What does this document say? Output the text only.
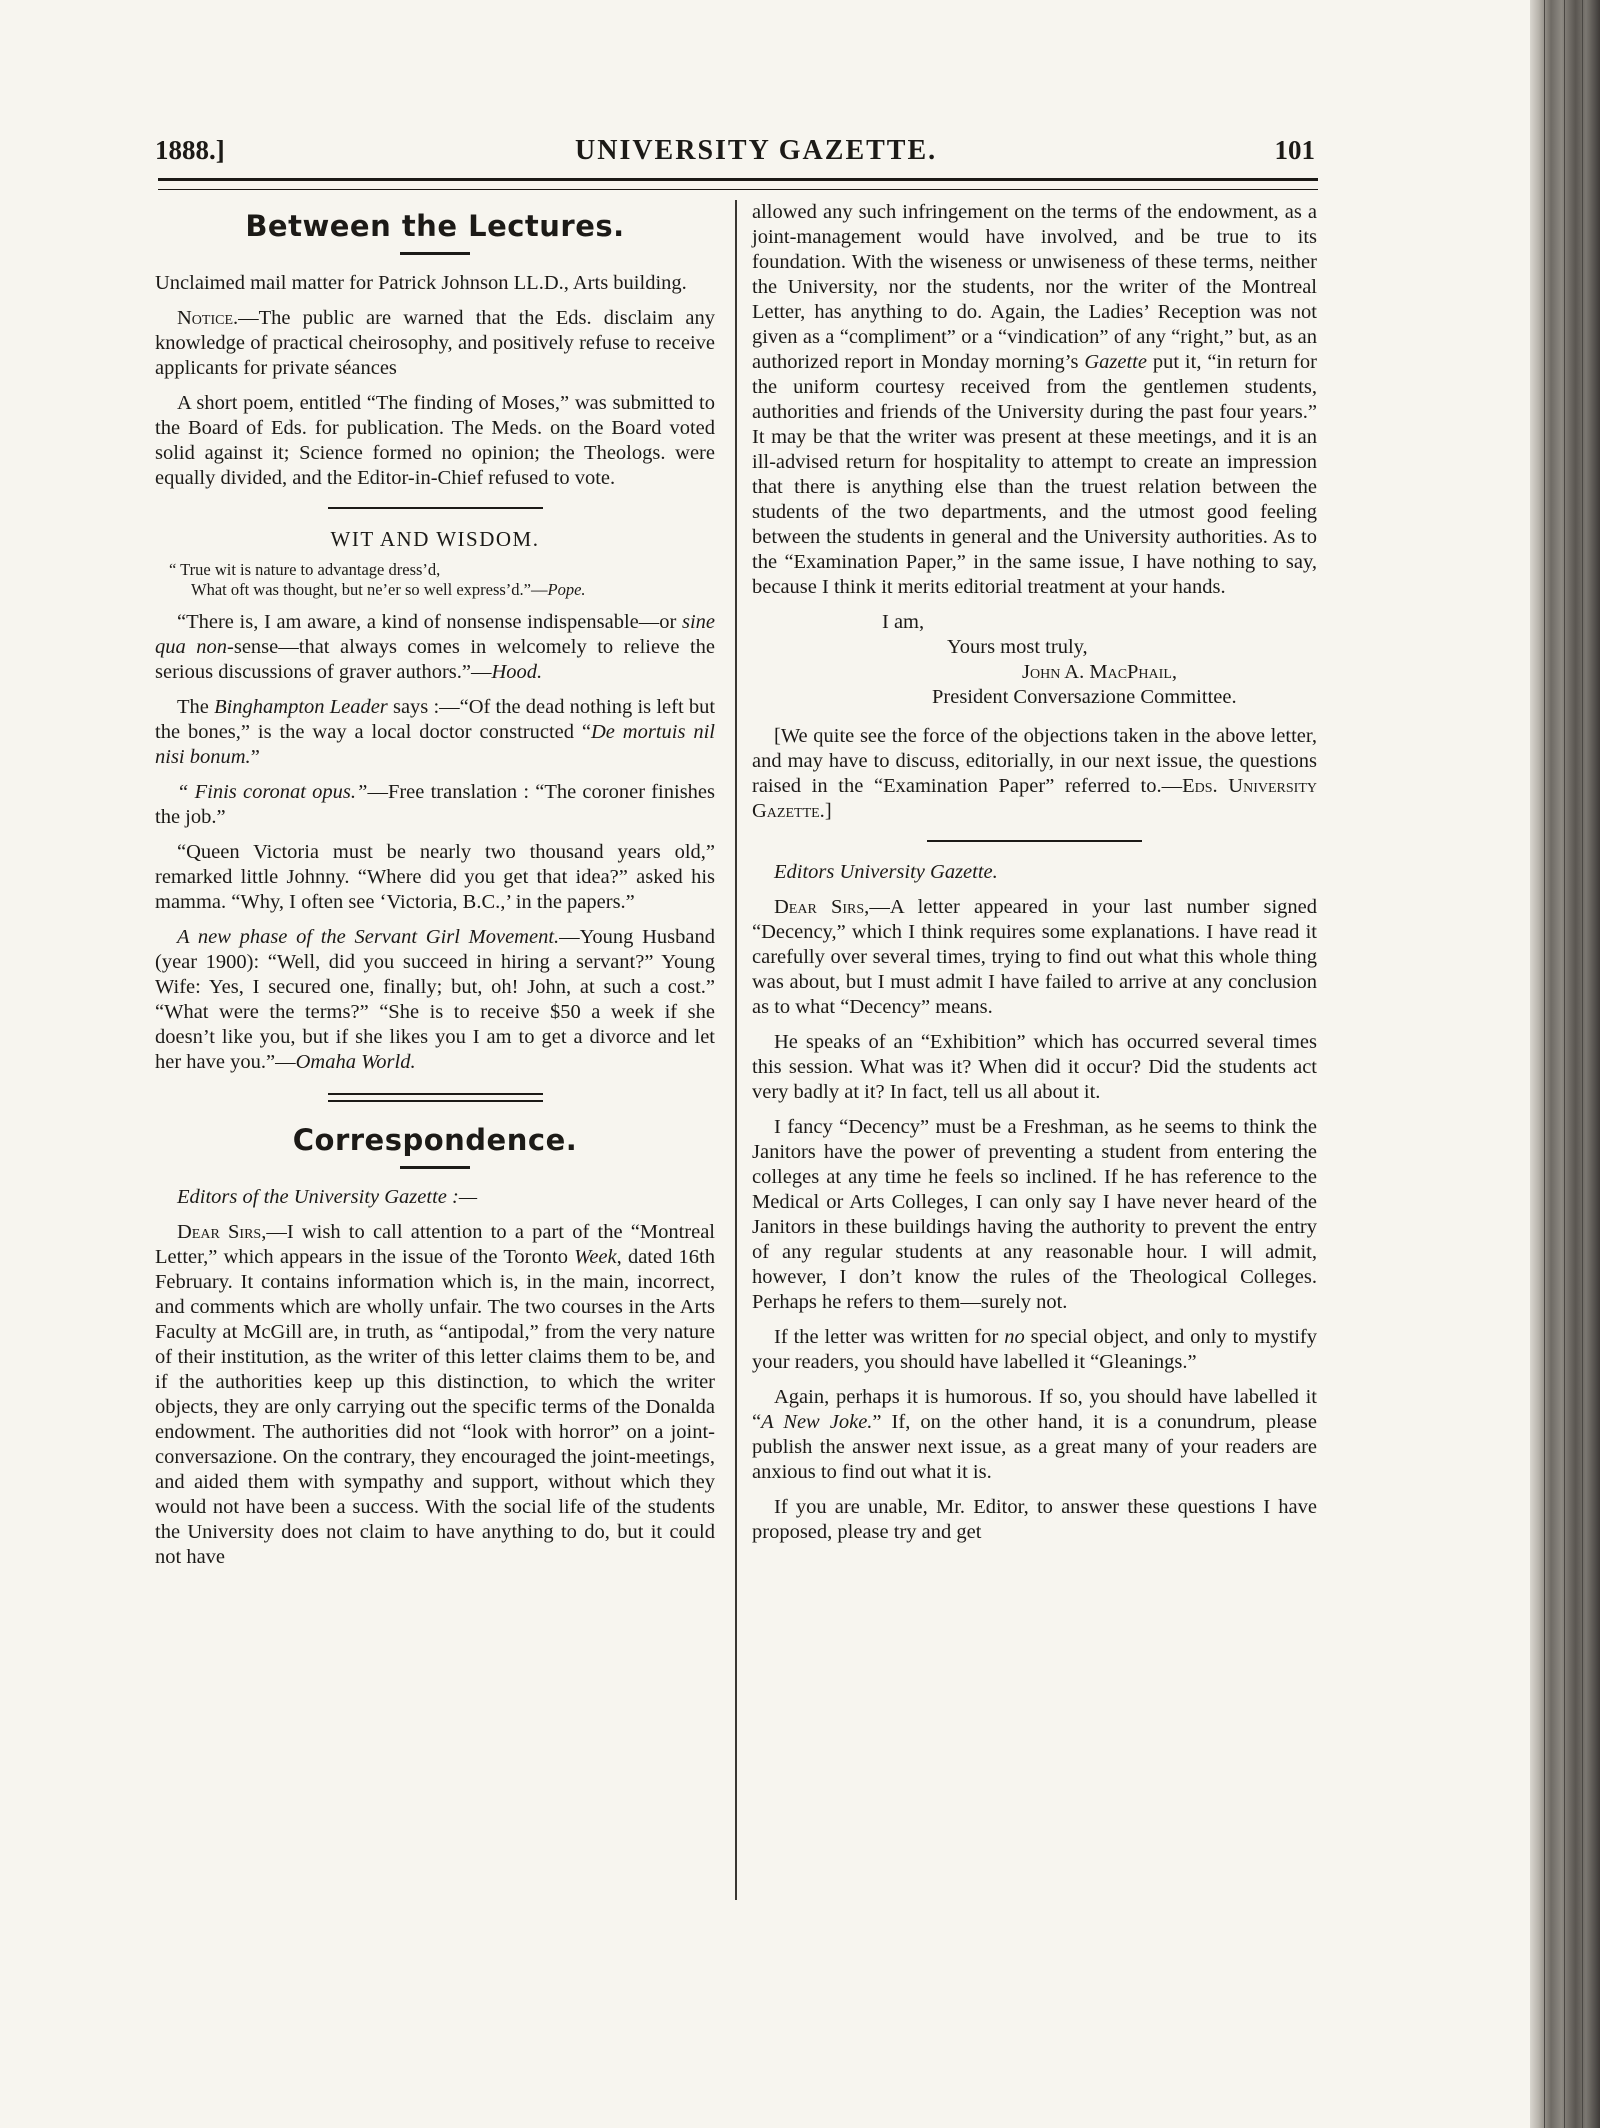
1888.]	UNIVERSITY GAZETTE.	101
Between the Lectures.

Unclaimed mail matter for Patrick Johnson LL.D., Arts building.

Notice.—The public are warned that the Eds. disclaim any knowledge of practical cheirosophy, and positively refuse to receive applicants for private séances

A short poem, entitled “The finding of Moses,” was submitted to the Board of Eds. for publication. The Meds. on the Board voted solid against it; Science formed no opinion; the Theologs. were equally divided, and the Editor-in-Chief refused to vote.

WIT AND WISDOM.
“ True wit is nature to advantage dress’d,
What oft was thought, but ne’er so well express’d.”—Pope.

“There is, I am aware, a kind of nonsense indispensable—or sine qua non-sense—that always comes in welcomely to relieve the serious discussions of graver authors.”—Hood.

The Binghampton Leader says :—“Of the dead nothing is left but the bones,” is the way a local doctor constructed “De mortuis nil nisi bonum.”

“ Finis coronat opus.”—Free translation : “The coroner finishes the job.”

“Queen Victoria must be nearly two thousand years old,” remarked little Johnny. “Where did you get that idea?” asked his mamma. “Why, I often see ‘Victoria, B.C.,’ in the papers.”

A new phase of the Servant Girl Movement.—Young Husband (year 1900): “Well, did you succeed in hiring a servant?” Young Wife: Yes, I secured one, finally; but, oh! John, at such a cost.” “What were the terms?” “She is to receive $50 a week if she doesn’t like you, but if she likes you I am to get a divorce and let her have you.”—Omaha World.

Correspondence.

Editors of the University Gazette :—

Dear Sirs,—I wish to call attention to a part of the “Montreal Letter,” which appears in the issue of the Toronto Week, dated 16th February. It contains information which is, in the main, incorrect, and comments which are wholly unfair. The two courses in the Arts Faculty at McGill are, in truth, as “antipodal,” from the very nature of their institution, as the writer of this letter claims them to be, and if the authorities keep up this distinction, to which the writer objects, they are only carrying out the specific terms of the Donalda endowment. The authorities did not “look with horror” on a joint-conversazione. On the contrary, they encouraged the joint-meetings, and aided them with sympathy and support, without which they would not have been a success. With the social life of the students the University does not claim to have anything to do, but it could not have

allowed any such infringement on the terms of the endowment, as a joint-management would have involved, and be true to its foundation. With the wiseness or unwiseness of these terms, neither the University, nor the students, nor the writer of the Montreal Letter, has anything to do. Again, the Ladies’ Reception was not given as a “compliment” or a “vindication” of any “right,” but, as an authorized report in Monday morning’s Gazette put it, “in return for the uniform courtesy received from the gentlemen students, authorities and friends of the University during the past four years.” It may be that the writer was present at these meetings, and it is an ill-advised return for hospitality to attempt to create an impression that there is anything else than the truest relation between the students of the two departments, and the utmost good feeling between the students in general and the University authorities. As to the “Examination Paper,” in the same issue, I have nothing to say, because I think it merits editorial treatment at your hands.

I am,
Yours most truly,
John A. MacPhail,
President Conversazione Committee.

[We quite see the force of the objections taken in the above letter, and may have to discuss, editorially, in our next issue, the questions raised in the “Examination Paper” referred to.—Eds. University Gazette.]

Editors University Gazette.

Dear Sirs,—A letter appeared in your last number signed “Decency,” which I think requires some explanations. I have read it carefully over several times, trying to find out what this whole thing was about, but I must admit I have failed to arrive at any conclusion as to what “Decency” means.

He speaks of an “Exhibition” which has occurred several times this session. What was it? When did it occur? Did the students act very badly at it? In fact, tell us all about it.

I fancy “Decency” must be a Freshman, as he seems to think the Janitors have the power of preventing a student from entering the colleges at any time he feels so inclined. If he has reference to the Medical or Arts Colleges, I can only say I have never heard of the Janitors in these buildings having the authority to prevent the entry of any regular students at any reasonable hour. I will admit, however, I don’t know the rules of the Theological Colleges. Perhaps he refers to them—surely not.

If the letter was written for no special object, and only to mystify your readers, you should have labelled it “Gleanings.”

Again, perhaps it is humorous. If so, you should have labelled it “A New Joke.” If, on the other hand, it is a conundrum, please publish the answer next issue, as a great many of your readers are anxious to find out what it is.

If you are unable, Mr. Editor, to answer these questions I have proposed, please try and get
